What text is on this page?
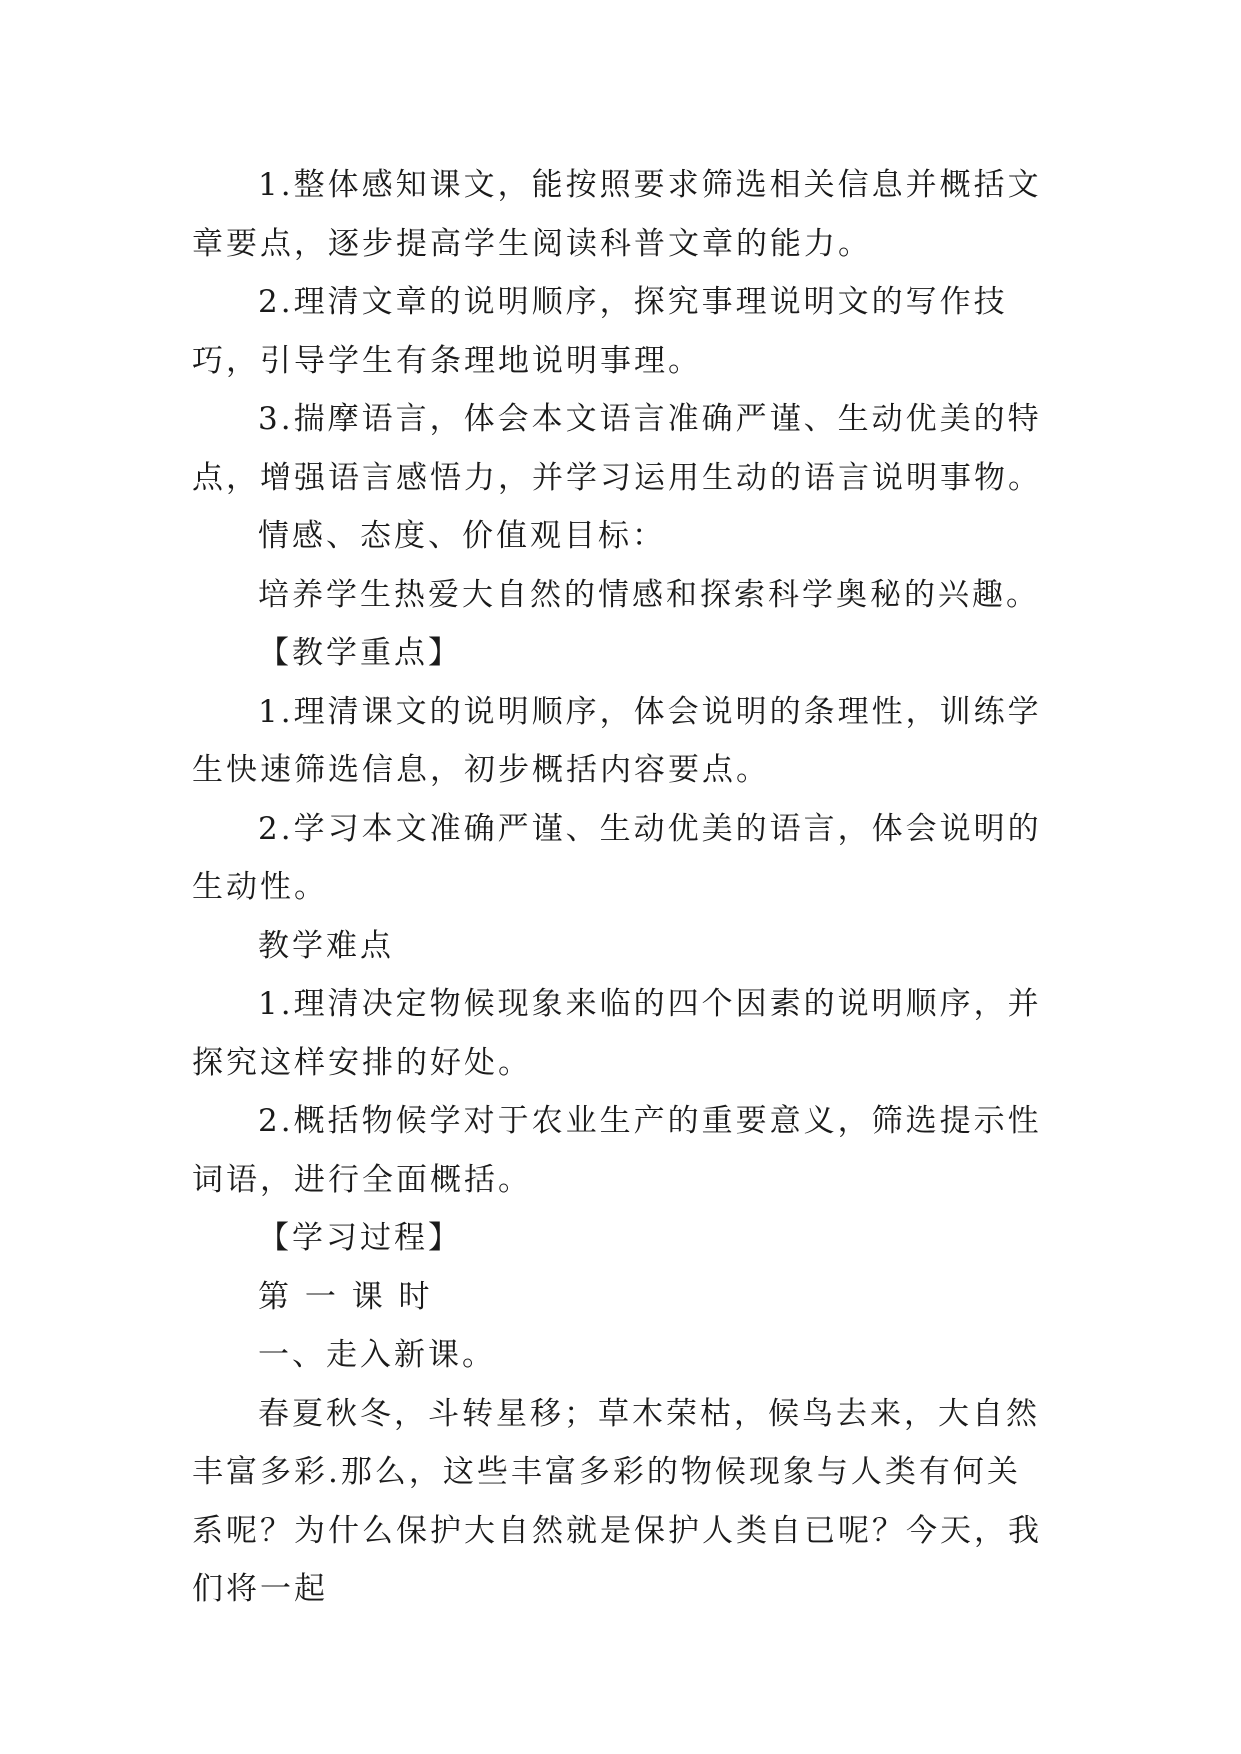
1.整体感知课文，能按照要求筛选相关信息并概括文章要点，逐步提高学生阅读科普文章的能力。

2.理清文章的说明顺序，探究事理说明文的写作技巧，引导学生有条理地说明事理。

3.揣摩语言，体会本文语言准确严谨、生动优美的特点，增强语言感悟力，并学习运用生动的语言说明事物。

情感、态度、价值观目标：

培养学生热爱大自然的情感和探索科学奥秘的兴趣。

【教学重点】

1.理清课文的说明顺序，体会说明的条理性，训练学生快速筛选信息，初步概括内容要点。

2.学习本文准确严谨、生动优美的语言，体会说明的生动性。

教学难点

1.理清决定物候现象来临的四个因素的说明顺序，并探究这样安排的好处。

2.概括物候学对于农业生产的重要意义，筛选提示性词语，进行全面概括。

【学习过程】

第 一 课 时

一、走入新课。

春夏秋冬，斗转星移；草木荣枯，候鸟去来，大自然丰富多彩.那么，这些丰富多彩的物候现象与人类有何关系呢？为什么保护大自然就是保护人类自已呢？今天，我们将一起
